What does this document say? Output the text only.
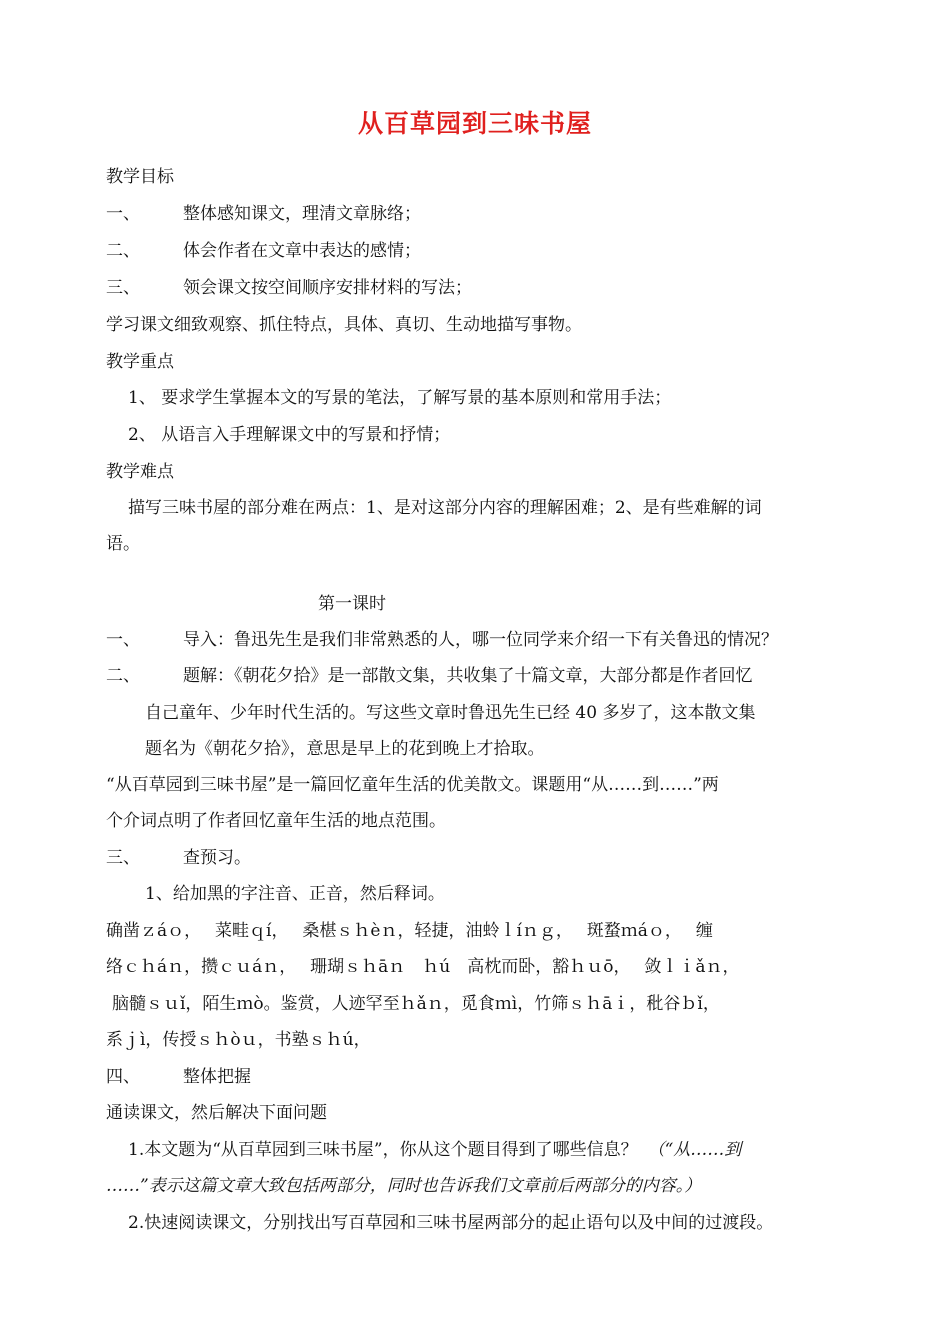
从百草园到三味书屋
教学目标
一、	整体感知课文，理清文章脉络；
二、	体会作者在文章中表达的感情；
三、	领会课文按空间顺序安排材料的写法；
学习课文细致观察、抓住特点，具体、真切、生动地描写事物。
教学重点
1、 要求学生掌握本文的写景的笔法，了解写景的基本原则和常用手法；
2、 从语言入手理解课文中的写景和抒情；
教学难点
描写三味书屋的部分难在两点：1、是对这部分内容的理解困难；2、是有些难解的词
语。
第一课时
一、	导入：鲁迅先生是我们非常熟悉的人，哪一位同学来介绍一下有关鲁迅的情况？
二、	题解：《朝花夕拾》是一部散文集，共收集了十篇文章，大部分都是作者回忆
自己童年、少年时代生活的。写这些文章时鲁迅先生已经 40 多岁了，这本散文集
题名为《朝花夕拾》，意思是早上的花到晚上才拾取。
“从百草园到三味书屋”是一篇回忆童年生活的优美散文。课题用“从……到……”两
个介词点明了作者回忆童年生活的地点范围。
三、	查预习。
1、给加黑的字注音、正音，然后释词。
确凿ｚáｏ，　 菜畦ｑí，　 桑椹ｓｈèｎ，轻捷，油蛉ｌíｎｇ，　 斑蝥ｍáｏ，　 缠
络ｃｈáｎ，攒ｃｕáｎ，　 珊瑚ｓｈāｎ　ｈú　高枕而卧，豁ｈｕō，　 敛ｌｉǎｎ，
脑髓ｓｕǐ，陌生ｍò。鉴赏，人迹罕至ｈǎｎ，觅食ｍì，竹筛ｓｈāｉ，秕谷ｂǐ，
系ｊì，传授ｓｈòｕ，书塾ｓｈú，
四、	整体把握
通读课文，然后解决下面问题
1.本文题为“从百草园到三味书屋”，你从这个题目得到了哪些信息？ （“从……到
……”表示这篇文章大致包括两部分，同时也告诉我们文章前后两部分的内容。）
2.快速阅读课文，分别找出写百草园和三味书屋两部分的起止语句以及中间的过渡段。
